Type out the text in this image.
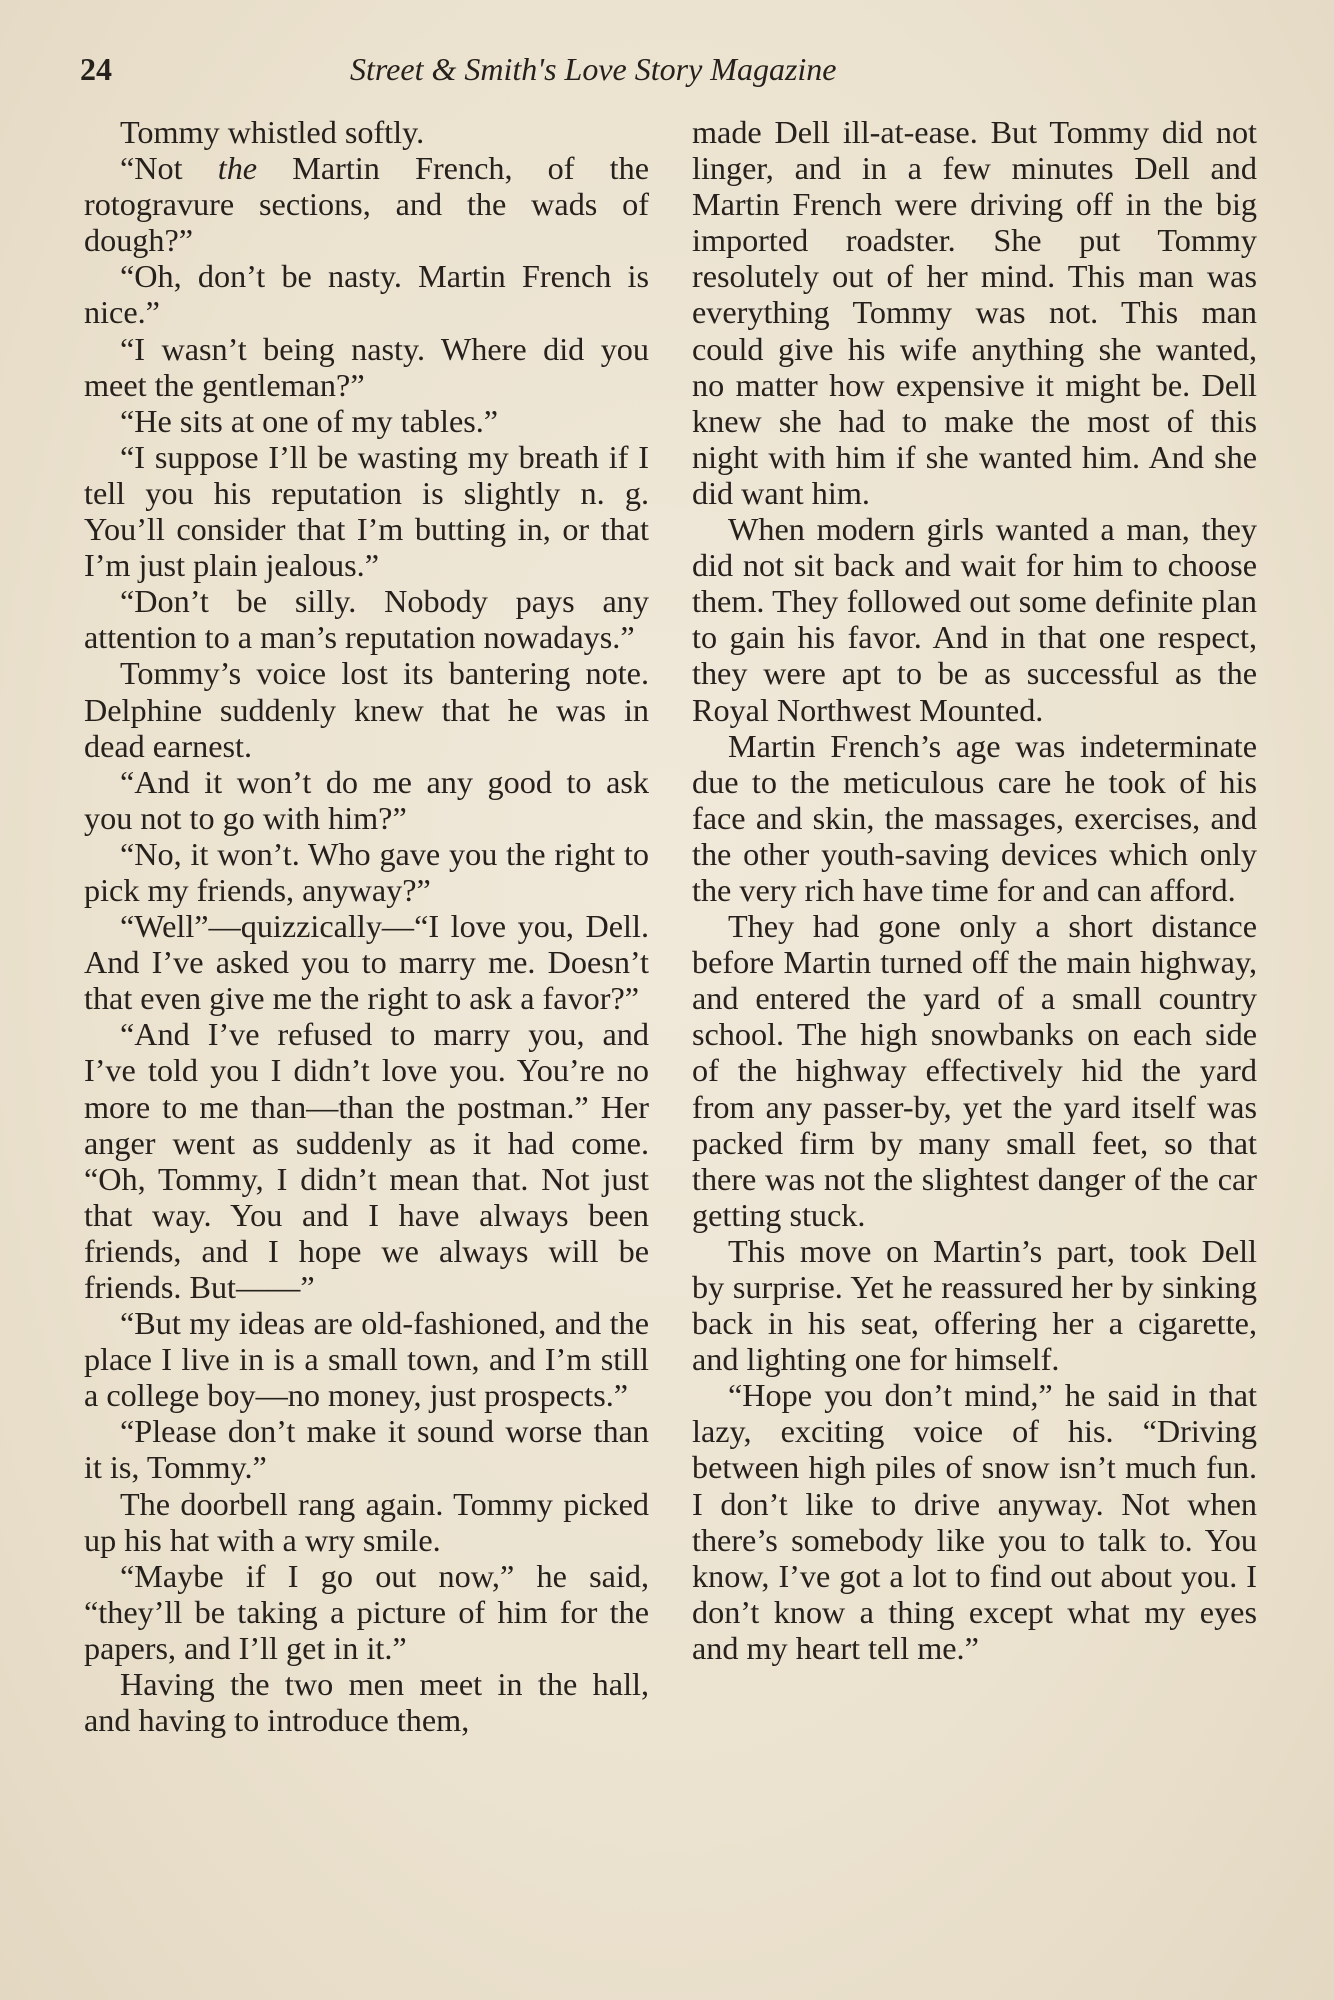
24	Street & Smith's Love Story Magazine

Tommy whistled softly.

“Not the Martin French, of the rotogravure sections, and the wads of dough?”

“Oh, don’t be nasty. Martin French is nice.”

“I wasn’t being nasty. Where did you meet the gentleman?”

“He sits at one of my tables.”

“I suppose I’ll be wasting my breath if I tell you his reputation is slightly n. g. You’ll consider that I’m butting in, or that I’m just plain jealous.”

“Don’t be silly. Nobody pays any attention to a man’s reputation nowadays.”

Tommy’s voice lost its bantering note. Delphine suddenly knew that he was in dead earnest.

“And it won’t do me any good to ask you not to go with him?”

“No, it won’t. Who gave you the right to pick my friends, anyway?”

“Well”—quizzically—“I love you, Dell. And I’ve asked you to marry me. Doesn’t that even give me the right to ask a favor?”

“And I’ve refused to marry you, and I’ve told you I didn’t love you. You’re no more to me than—than the postman.” Her anger went as suddenly as it had come. “Oh, Tommy, I didn’t mean that. Not just that way. You and I have always been friends, and I hope we always will be friends. But——”

“But my ideas are old-fashioned, and the place I live in is a small town, and I’m still a college boy—no money, just prospects.”

“Please don’t make it sound worse than it is, Tommy.”

The doorbell rang again. Tommy picked up his hat with a wry smile.

“Maybe if I go out now,” he said, “they’ll be taking a picture of him for the papers, and I’ll get in it.”

Having the two men meet in the hall, and having to introduce them,

made Dell ill-at-ease. But Tommy did not linger, and in a few minutes Dell and Martin French were driving off in the big imported roadster. She put Tommy resolutely out of her mind. This man was everything Tommy was not. This man could give his wife anything she wanted, no matter how expensive it might be. Dell knew she had to make the most of this night with him if she wanted him. And she did want him.

When modern girls wanted a man, they did not sit back and wait for him to choose them. They followed out some definite plan to gain his favor. And in that one respect, they were apt to be as successful as the Royal Northwest Mounted.

Martin French’s age was indeterminate due to the meticulous care he took of his face and skin, the massages, exercises, and the other youth-saving devices which only the very rich have time for and can afford.

They had gone only a short distance before Martin turned off the main highway, and entered the yard of a small country school. The high snowbanks on each side of the highway effectively hid the yard from any passer-by, yet the yard itself was packed firm by many small feet, so that there was not the slightest danger of the car getting stuck.

This move on Martin’s part, took Dell by surprise. Yet he reassured her by sinking back in his seat, offering her a cigarette, and lighting one for himself.

“Hope you don’t mind,” he said in that lazy, exciting voice of his. “Driving between high piles of snow isn’t much fun. I don’t like to drive anyway. Not when there’s somebody like you to talk to. You know, I’ve got a lot to find out about you. I don’t know a thing except what my eyes and my heart tell me.”
